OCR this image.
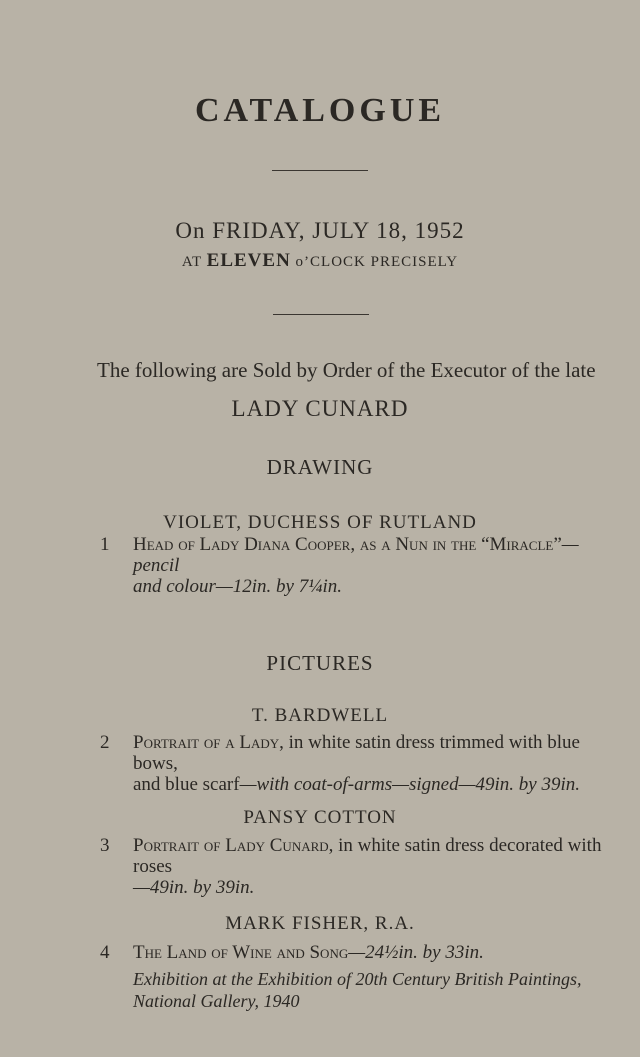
CATALOGUE
On FRIDAY, JULY 18, 1952
AT ELEVEN o’CLOCK PRECISELY
The following are Sold by Order of the Executor of the late
LADY CUNARD
DRAWING
VIOLET, DUCHESS OF RUTLAND
1 Head of Lady Diana Cooper, as a Nun in the “Miracle”—pencil
and colour—12in. by 7¼in.
PICTURES
T. BARDWELL
2 Portrait of a Lady, in white satin dress trimmed with blue bows,
and blue scarf—with coat-of-arms—signed—49in. by 39in.
PANSY COTTON
3 Portrait of Lady Cunard, in white satin dress decorated with roses
—49in. by 39in.
MARK FISHER, R.A.
4 The Land of Wine and Song—24½in. by 33in.
Exhibition at the Exhibition of 20th Century British Paintings,
National Gallery, 1940
